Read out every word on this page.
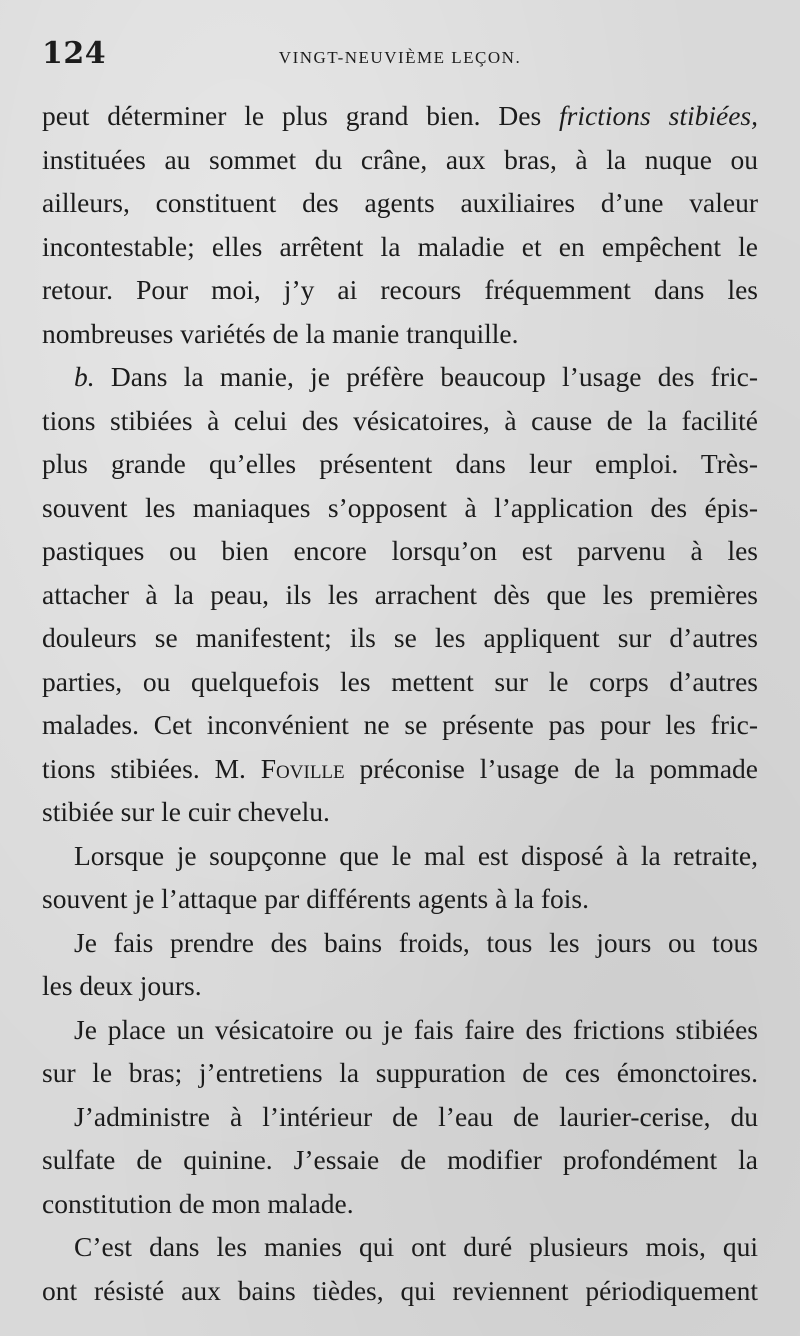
124	VINGT-NEUVIÈME LEÇON.
peut déterminer le plus grand bien. Des frictions stibiées,
instituées au sommet du crâne, aux bras, à la nuque ou
ailleurs, constituent des agents auxiliaires d’une valeur
incontestable; elles arrêtent la maladie et en empêchent le
retour. Pour moi, j’y ai recours fréquemment dans les
nombreuses variétés de la manie tranquille.
b. Dans la manie, je préfère beaucoup l’usage des fric-
tions stibiées à celui des vésicatoires, à cause de la facilité
plus grande qu’elles présentent dans leur emploi. Très-
souvent les maniaques s’opposent à l’application des épis-
pastiques ou bien encore lorsqu’on est parvenu à les
attacher à la peau, ils les arrachent dès que les premières
douleurs se manifestent; ils se les appliquent sur d’autres
parties, ou quelquefois les mettent sur le corps d’autres
malades. Cet inconvénient ne se présente pas pour les fric-
tions stibiées. M. Foville préconise l’usage de la pommade
stibiée sur le cuir chevelu.
Lorsque je soupçonne que le mal est disposé à la retraite,
souvent je l’attaque par différents agents à la fois.
Je fais prendre des bains froids, tous les jours ou tous
les deux jours.
Je place un vésicatoire ou je fais faire des frictions stibiées
sur le bras; j’entretiens la suppuration de ces émonctoires.
J’administre à l’intérieur de l’eau de laurier-cerise, du
sulfate de quinine. J’essaie de modifier profondément la
constitution de mon malade.
C’est dans les manies qui ont duré plusieurs mois, qui
ont résisté aux bains tièdes, qui reviennent périodiquement
